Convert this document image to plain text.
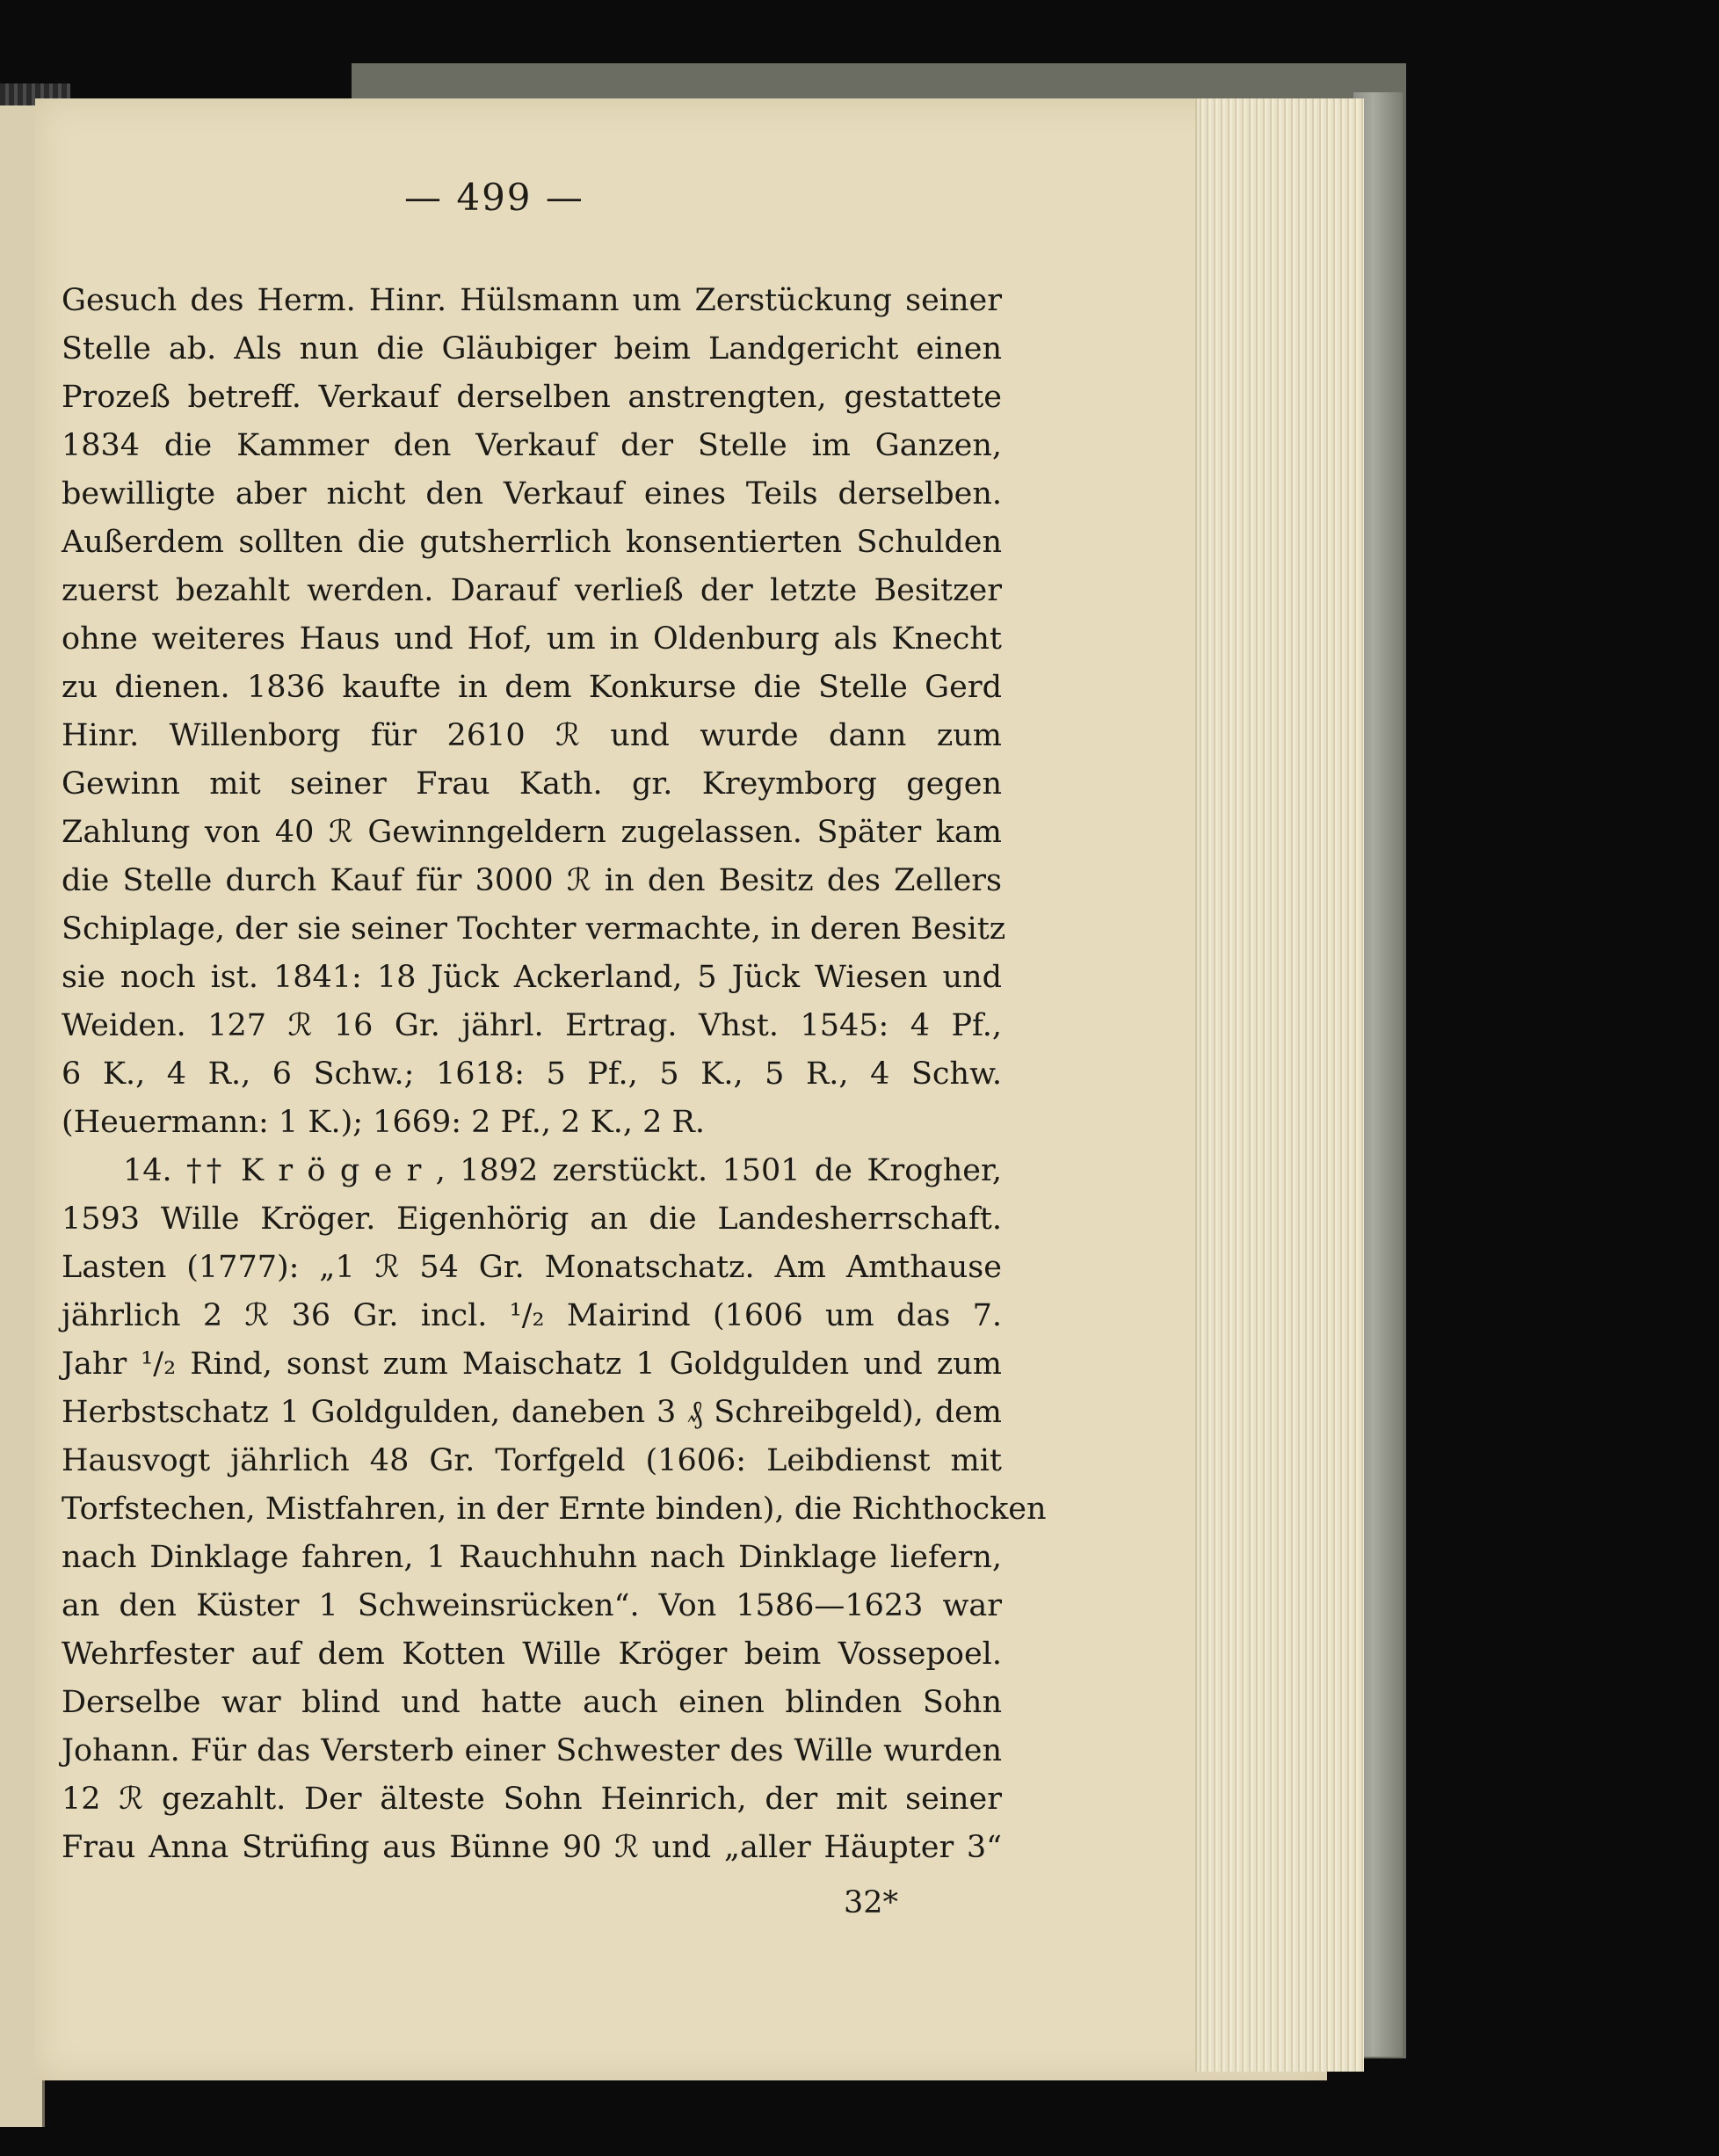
— 499 —
Gesuch des Herm. Hinr. Hülsmann um Zerstückung seiner
Stelle ab. Als nun die Gläubiger beim Landgericht einen
Prozeß betreff. Verkauf derselben anstrengten, gestattete
1834 die Kammer den Verkauf der Stelle im Ganzen,
bewilligte aber nicht den Verkauf eines Teils derselben.
Außerdem sollten die gutsherrlich konsentierten Schulden
zuerst bezahlt werden. Darauf verließ der letzte Besitzer
ohne weiteres Haus und Hof, um in Oldenburg als Knecht
zu dienen. 1836 kaufte in dem Konkurse die Stelle Gerd
Hinr. Willenborg für 2610 ℛ und wurde dann zum
Gewinn mit seiner Frau Kath. gr. Kreymborg gegen
Zahlung von 40 ℛ Gewinngeldern zugelassen. Später kam
die Stelle durch Kauf für 3000 ℛ in den Besitz des Zellers
Schiplage, der sie seiner Tochter vermachte, in deren Besitz
sie noch ist. 1841: 18 Jück Ackerland, 5 Jück Wiesen und
Weiden. 127 ℛ 16 Gr. jährl. Ertrag. Vhst. 1545: 4 Pf.,
6 K., 4 R., 6 Schw.; 1618: 5 Pf., 5 K., 5 R., 4 Schw.
(Heuermann: 1 K.); 1669: 2 Pf., 2 K., 2 R.
14. †† K r ö g e r , 1892 zerstückt. 1501 de Krogher,
1593 Wille Kröger. Eigenhörig an die Landesherrschaft.
Lasten (1777): „1 ℛ 54 Gr. Monatschatz. Am Amthause
jährlich 2 ℛ 36 Gr. incl. ¹/₂ Mairind (1606 um das 7.
Jahr ¹/₂ Rind, sonst zum Maischatz 1 Goldgulden und zum
Herbstschatz 1 Goldgulden, daneben 3 ₰ Schreibgeld), dem
Hausvogt jährlich 48 Gr. Torfgeld (1606: Leibdienst mit
Torfstechen, Mistfahren, in der Ernte binden), die Richthocken
nach Dinklage fahren, 1 Rauchhuhn nach Dinklage liefern,
an den Küster 1 Schweinsrücken“. Von 1586—1623 war
Wehrfester auf dem Kotten Wille Kröger beim Vossepoel.
Derselbe war blind und hatte auch einen blinden Sohn
Johann. Für das Versterb einer Schwester des Wille wurden
12 ℛ gezahlt. Der älteste Sohn Heinrich, der mit seiner
Frau Anna Strüfing aus Bünne 90 ℛ und „aller Häupter 3“
32*
